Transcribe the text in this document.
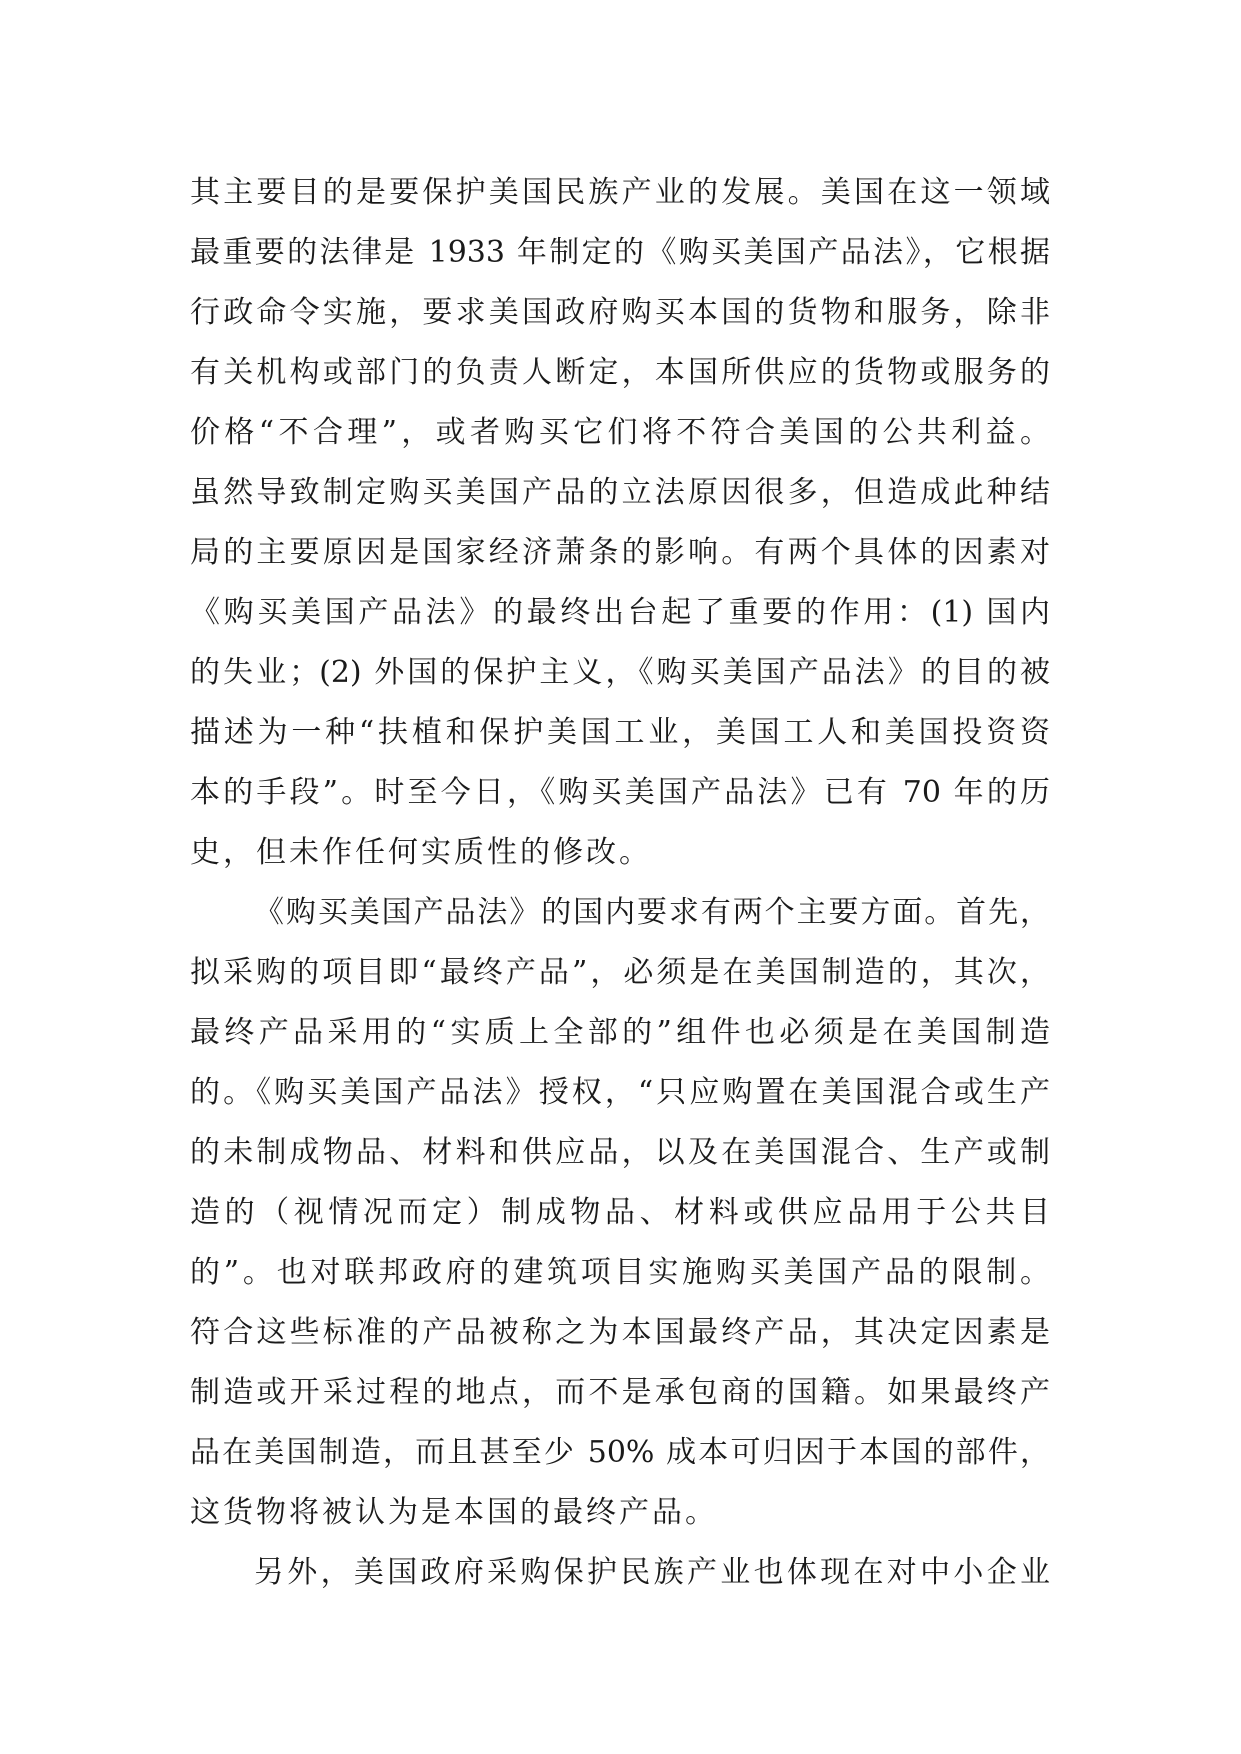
其主要目的是要保护美国民族产业的发展。美国在这一领域
最重要的法律是 1933 年制定的《购买美国产品法》，它根据
行政命令实施，要求美国政府购买本国的货物和服务，除非
有关机构或部门的负责人断定，本国所供应的货物或服务的
价格“不合理”，或者购买它们将不符合美国的公共利益。
虽然导致制定购买美国产品的立法原因很多，但造成此种结
局的主要原因是国家经济萧条的影响。有两个具体的因素对
《购买美国产品法》的最终出台起了重要的作用：(1) 国内
的失业；(2) 外国的保护主义，《购买美国产品法》的目的被
描述为一种“扶植和保护美国工业，美国工人和美国投资资
本的手段”。时至今日，《购买美国产品法》已有 70 年的历
史，但未作任何实质性的修改。
《购买美国产品法》的国内要求有两个主要方面。首先，
拟采购的项目即“最终产品”，必须是在美国制造的，其次，
最终产品采用的“实质上全部的”组件也必须是在美国制造
的。《购买美国产品法》授权，“只应购置在美国混合或生产
的未制成物品、材料和供应品，以及在美国混合、生产或制
造的（视情况而定）制成物品、材料或供应品用于公共目
的”。也对联邦政府的建筑项目实施购买美国产品的限制。
符合这些标准的产品被称之为本国最终产品，其决定因素是
制造或开采过程的地点，而不是承包商的国籍。如果最终产
品在美国制造，而且甚至少 50% 成本可归因于本国的部件，
这货物将被认为是本国的最终产品。
另外，美国政府采购保护民族产业也体现在对中小企业
